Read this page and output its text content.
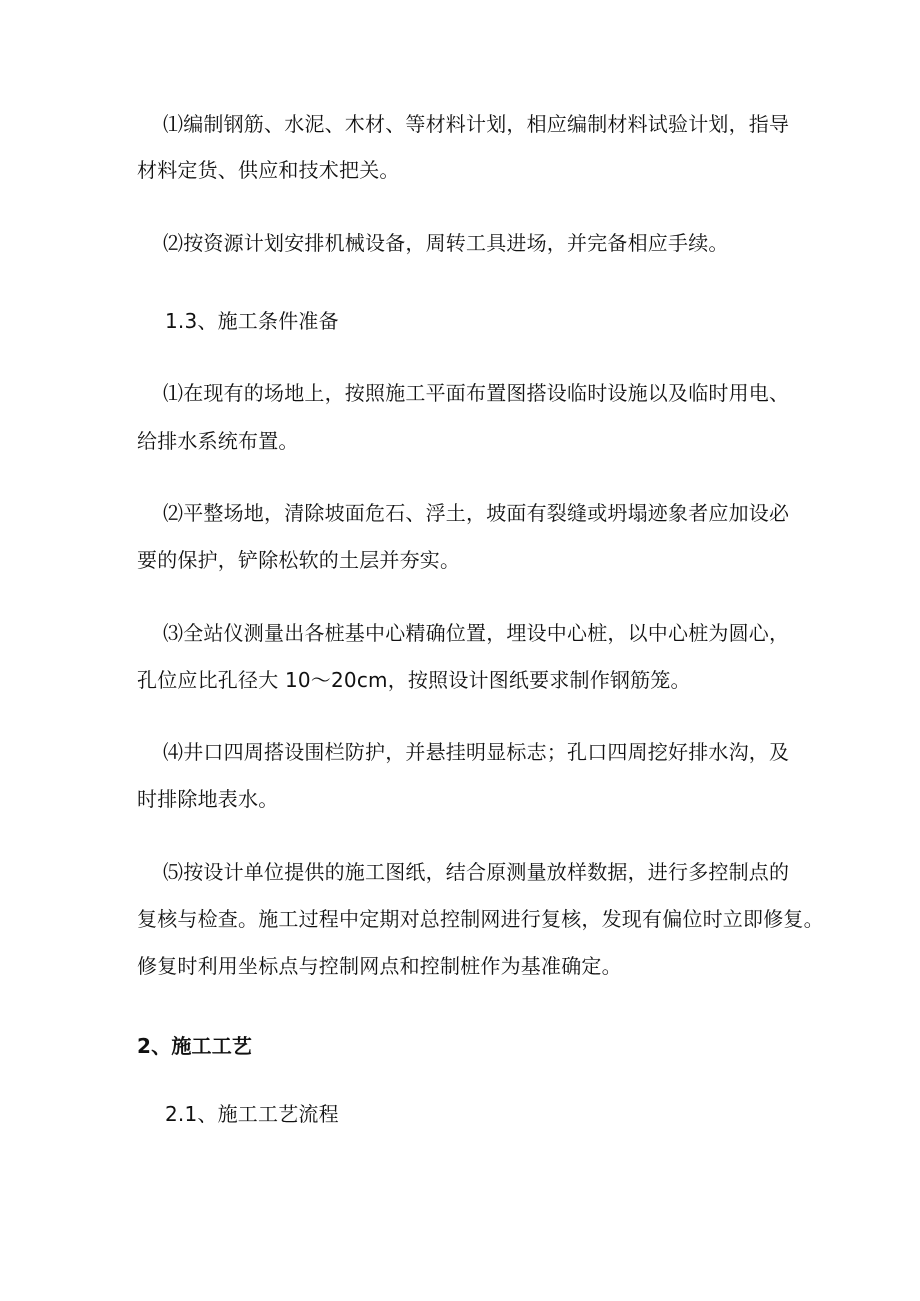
⑴编制钢筋、水泥、木材、等材料计划，相应编制材料试验计划，指导
材料定货、供应和技术把关。
⑵按资源计划安排机械设备，周转工具进场，并完备相应手续。
1.3、施工条件准备
⑴在现有的场地上，按照施工平面布置图搭设临时设施以及临时用电、
给排水系统布置。
⑵平整场地，清除坡面危石、浮土，坡面有裂缝或坍塌迹象者应加设必
要的保护，铲除松软的土层并夯实。
⑶全站仪测量出各桩基中心精确位置，埋设中心桩，以中心桩为圆心，
孔位应比孔径大 10～20cm，按照设计图纸要求制作钢筋笼。
⑷井口四周搭设围栏防护，并悬挂明显标志；孔口四周挖好排水沟，及
时排除地表水。
⑸按设计单位提供的施工图纸，结合原测量放样数据，进行多控制点的
复核与检查。施工过程中定期对总控制网进行复核，发现有偏位时立即修复。
修复时利用坐标点与控制网点和控制桩作为基准确定。
2、施工工艺
2.1、施工工艺流程
